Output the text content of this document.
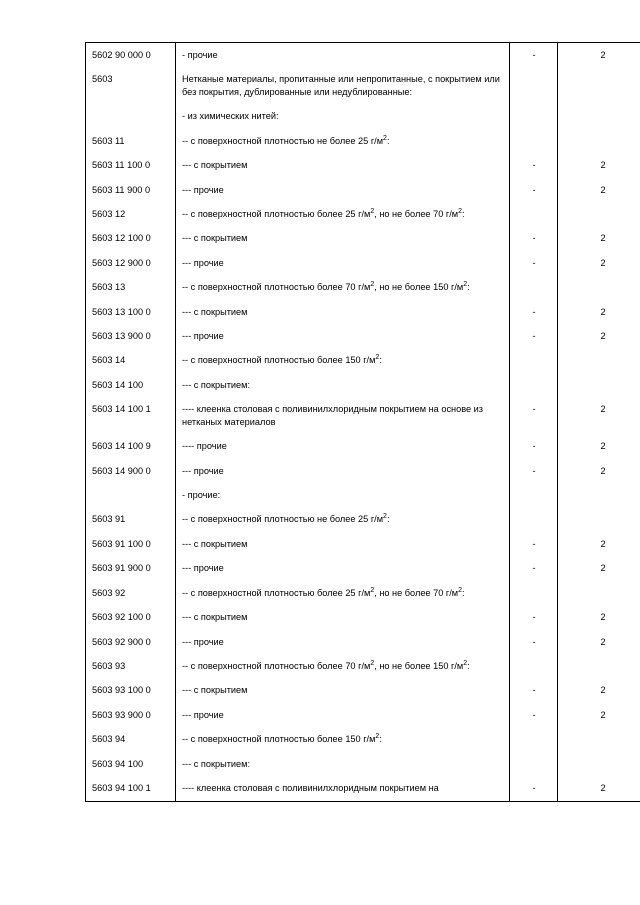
5602 90 000 0	- прочие	-	2	
5603	Нетканые материалы, пропитанные или непропитанные, с покрытием или без покрытия, дублированные или недублированные:			
	- из химических нитей:			
5603 11	-- с поверхностной плотностью не более 25 $г/м^2$:			
5603 11 100 0	--- с покрытием	-	2	
5603 11 900 0	--- прочие	-	2	
5603 12	-- с поверхностной плотностью более 25 $г/м^2$, но не более 70 $г/м^2$:			
5603 12 100 0	--- с покрытием	-	2	
5603 12 900 0	--- прочие	-	2	
5603 13	-- с поверхностной плотностью более 70 $г/м^2$, но не более 150 $г/м^2$:			
5603 13 100 0	--- с покрытием	-	2	
5603 13 900 0	--- прочие	-	2	
5603 14	-- с поверхностной плотностью более 150 $г/м^2$:			
5603 14 100	--- с покрытием:			
5603 14 100 1	---- клеенка столовая с поливинилхлоридным покрытием на основе из нетканых материалов	-	2	
5603 14 100 9	---- прочие	-	2	
5603 14 900 0	--- прочие	-	2	
	- прочие:			
5603 91	-- с поверхностной плотностью не более 25 $г/м^2$:			
5603 91 100 0	--- с покрытием	-	2	
5603 91 900 0	--- прочие	-	2	
5603 92	-- с поверхностной плотностью более 25 $г/м^2$, но не более 70 $г/м^2$:			
5603 92 100 0	--- с покрытием	-	2	
5603 92 900 0	--- прочие	-	2	
5603 93	-- с поверхностной плотностью более 70 $г/м^2$, но не более 150 $г/м^2$:			
5603 93 100 0	--- с покрытием	-	2	
5603 93 900 0	--- прочие	-	2	
5603 94	-- с поверхностной плотностью более 150 $г/м^2$:			
5603 94 100	--- с покрытием:			
5603 94 100 1	---- клеенка столовая с поливинилхлоридным покрытием на	-	2	
